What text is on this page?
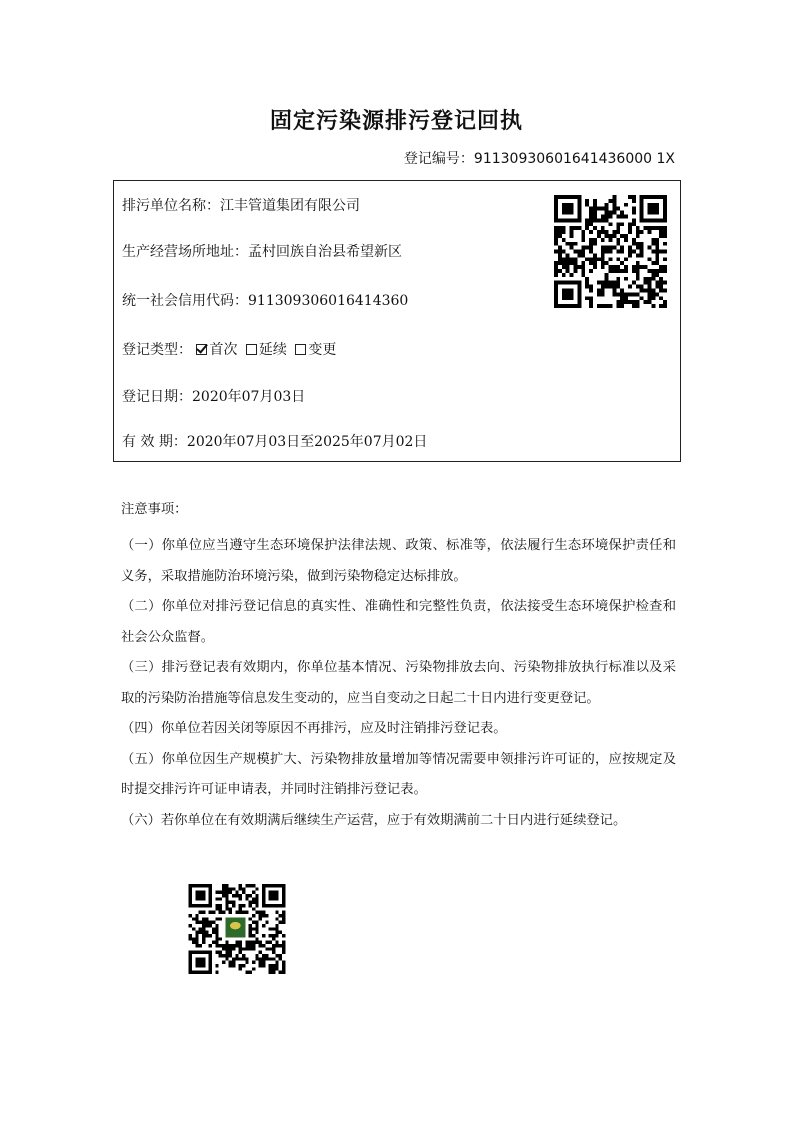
固定污染源排污登记回执
登记编号：91130930601641436000 1X
排污单位名称：江丰管道集团有限公司
生产经营场所地址：孟村回族自治县希望新区
统一社会信用代码：911309306016414360
登记类型： 首次 延续 变更
登记日期：2020年07月03日
有 效 期：2020年07月03日至2025年07月02日
注意事项：
（一）你单位应当遵守生态环境保护法律法规、政策、标准等，依法履行生态环境保护责任和义务，采取措施防治环境污染，做到污染物稳定达标排放。
（二）你单位对排污登记信息的真实性、准确性和完整性负责，依法接受生态环境保护检查和社会公众监督。
（三）排污登记表有效期内，你单位基本情况、污染物排放去向、污染物排放执行标准以及采取的污染防治措施等信息发生变动的，应当自变动之日起二十日内进行变更登记。
（四）你单位若因关闭等原因不再排污，应及时注销排污登记表。
（五）你单位因生产规模扩大、污染物排放量增加等情况需要申领排污许可证的，应按规定及时提交排污许可证申请表，并同时注销排污登记表。
（六）若你单位在有效期满后继续生产运营，应于有效期满前二十日内进行延续登记。
